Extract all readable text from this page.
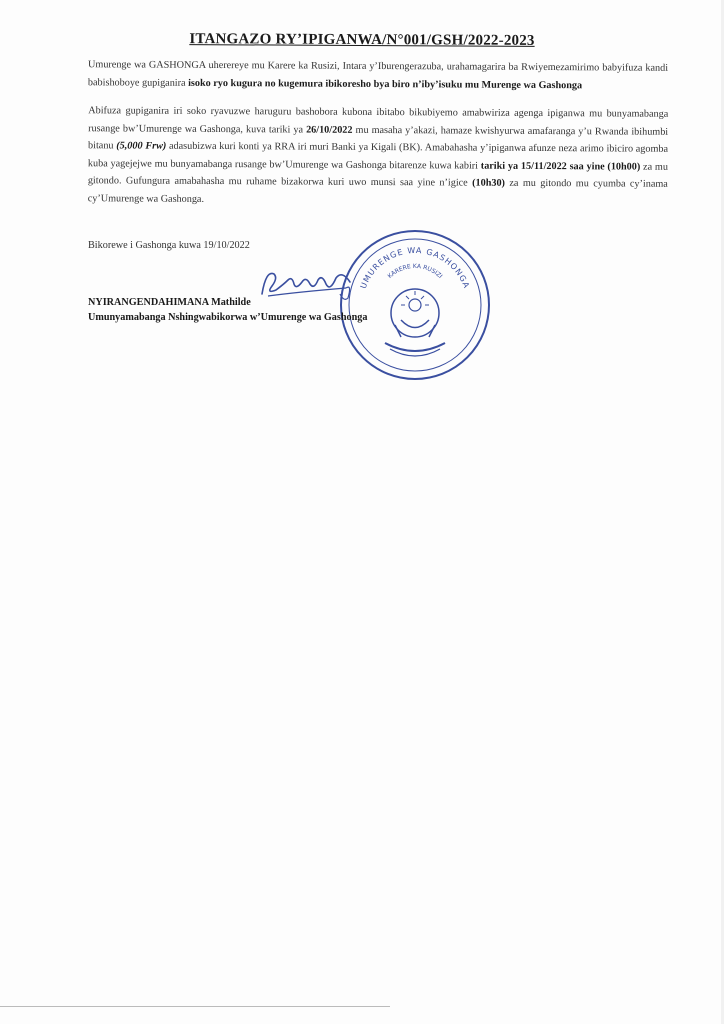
ITANGAZO RY’IPIGANWA/N°001/GSH/2022-2023
Umurenge wa GASHONGA uherereye mu Karere ka Rusizi, Intara y’Iburengerazuba, urahamagarira ba Rwiyemezamirimo babyifuza kandi babishoboye gupiganira isoko ryo kugura no kugemura ibikoresho bya biro n’iby’isuku mu Murenge wa Gashonga
Abifuza gupiganira iri soko ryavuzwe haruguru bashobora kubona ibitabo bikubiyemo amabwiriza agenga ipiganwa mu bunyamabanga rusange bw’Umurenge wa Gashonga, kuva tariki ya 26/10/2022 mu masaha y’akazi, hamaze kwishyurwa amafaranga y’u Rwanda ibihumbi bitanu (5,000 Frw) adasubizwa kuri konti ya RRA iri muri Banki ya Kigali (BK). Amabahasha y’ipiganwa afunze neza arimo ibiciro agomba kuba yagejejwe mu bunyamabanga rusange bw’Umurenge wa Gashonga bitarenze kuwa kabiri tariki ya 15/11/2022 saa yine (10h00) za mu gitondo. Gufungura amabahasha mu ruhame bizakorwa kuri uwo munsi saa yine n’igice (10h30) za mu gitondo mu cyumba cy’inama cy’Umurenge wa Gashonga.
Bikorewe i Gashonga kuwa 19/10/2022
UMURENGE WA GASHONGA
KARERE KA RUSIZI
NYIRANGENDAHIMANA Mathilde
Umunyamabanga Nshingwabikorwa w’Umurenge wa Gashonga
